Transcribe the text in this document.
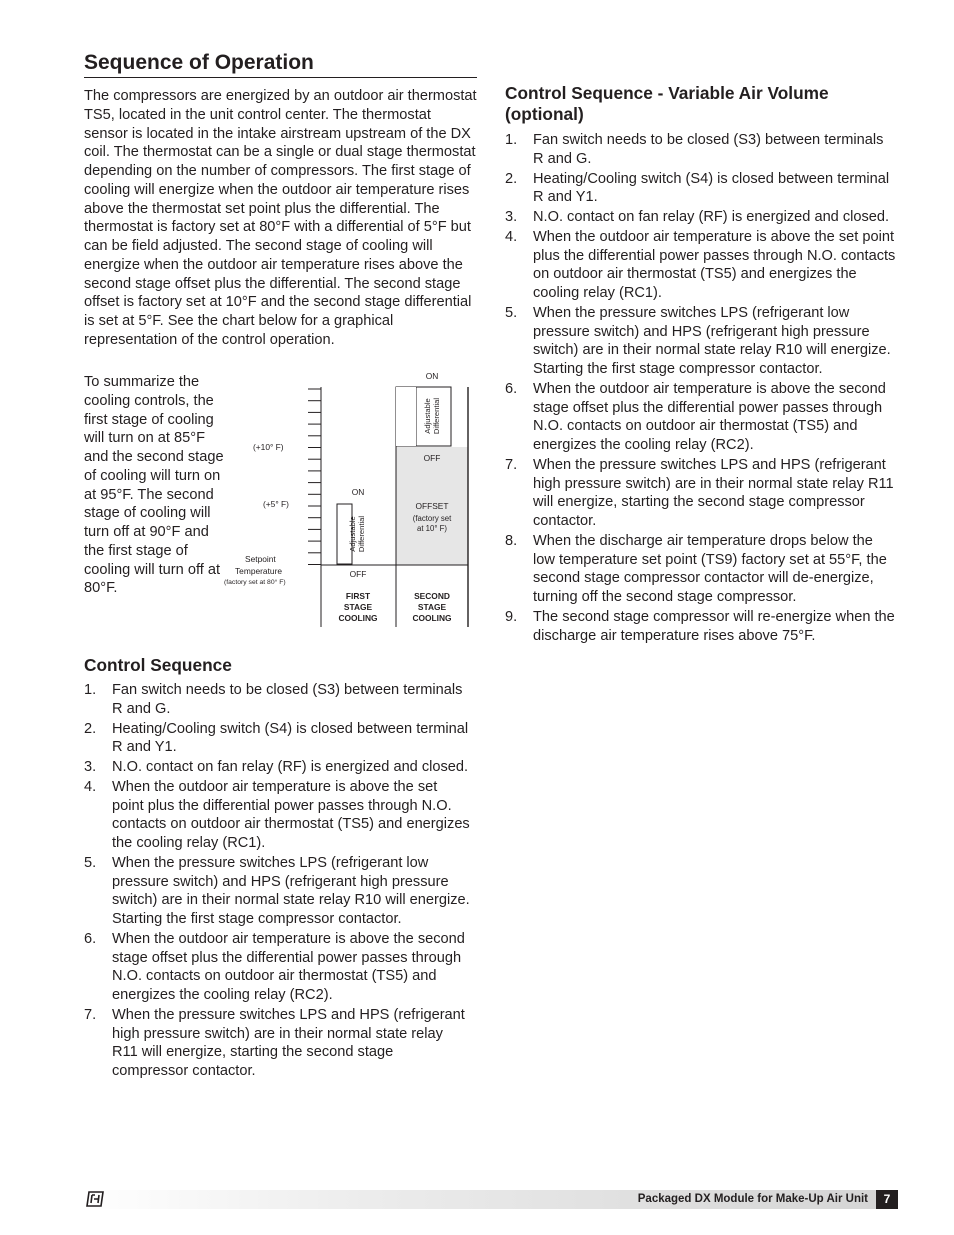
Sequence of Operation

The compressors are energized by an outdoor air thermostat TS5, located in the unit control center. The thermostat sensor is located in the intake airstream upstream of the DX coil. The thermostat can be a single or dual stage thermostat depending on the number of compressors. The first stage of cooling will energize when the outdoor air temperature rises above the thermostat set point plus the differential. The thermostat is factory set at 80°F with a differential of 5°F but can be field adjusted. The second stage of cooling will energize when the outdoor air temperature rises above the second stage offset plus the differential. The second stage offset is factory set at 10°F and the second stage differential is set at 5°F. See the chart below for a graphical representation of the control operation.

To summarize the cooling controls, the first stage of cooling will turn on at 85°F and the second stage of cooling will turn on at 95°F. The second stage of cooling will turn off at 90°F and the first stage of cooling will turn off at 80°F.

(+10° F)
(+5° F)
Setpoint
Temperature
(factory set at 80° F)
ON
OFF
Adjustable Differential
FIRST
STAGE
COOLING
ON
Adjustable Differential
OFF
OFFSET
(factory set
at 10° F)
SECOND
STAGE
COOLING
Control Sequence
1. Fan switch needs to be closed (S3) between terminals R and G.
2. Heating/Cooling switch (S4) is closed between terminal R and Y1.
3. N.O. contact on fan relay (RF) is energized and closed.
4. When the outdoor air temperature is above the set point plus the differential power passes through N.O. contacts on outdoor air thermostat (TS5) and energizes the cooling relay (RC1).
5. When the pressure switches LPS (refrigerant low pressure switch) and HPS (refrigerant high pressure switch) are in their normal state relay R10 will energize. Starting the first stage compressor contactor.
6. When the outdoor air temperature is above the second stage offset plus the differential power passes through N.O. contacts on outdoor air thermostat (TS5) and energizes the cooling relay (RC2).
7. When the pressure switches LPS and HPS (refrigerant high pressure switch) are in their normal state relay R11 will energize, starting the second stage compressor contactor.
Control Sequence - Variable Air Volume (optional)
1. Fan switch needs to be closed (S3) between terminals R and G.
2. Heating/Cooling switch (S4) is closed between terminal R and Y1.
3. N.O. contact on fan relay (RF) is energized and closed.
4. When the outdoor air temperature is above the set point plus the differential power passes through N.O. contacts on outdoor air thermostat (TS5) and energizes the cooling relay (RC1).
5. When the pressure switches LPS (refrigerant low pressure switch) and HPS (refrigerant high pressure switch) are in their normal state relay R10 will energize. Starting the first stage compressor contactor.
6. When the outdoor air temperature is above the second stage offset plus the differential power passes through N.O. contacts on outdoor air thermostat (TS5) and energizes the cooling relay (RC2).
7. When the pressure switches LPS and HPS (refrigerant high pressure switch) are in their normal state relay R11 will energize, starting the second stage compressor contactor.
8. When the discharge air temperature drops below the low temperature set point (TS9) factory set at 55°F, the second stage compressor contactor will de-energize, turning off the second stage compressor.
9. The second stage compressor will re-energize when the discharge air temperature rises above 75°F.
Packaged DX Module for Make-Up Air Unit	7
